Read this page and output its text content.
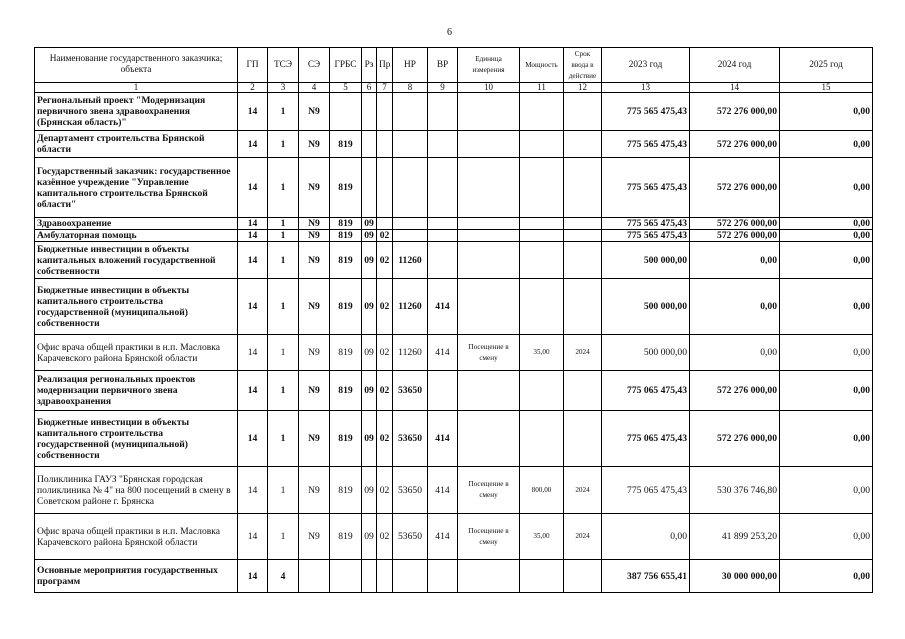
6
Наименование государственного заказчика; объекта	ГП	ТСЭ	СЭ	ГРБС	Рз	Пр	НР	ВР	Единица измерения	Мощность	Срок ввода в действие	2023 год	2024 год	2025 год
1	2	3	4	5	6	7	8	9	10	11	12	13	14	15
Региональный проект "Модернизация первичного звена здравоохранения (Брянская область)"	14	1	N9									775 565 475,43	572 276 000,00	0,00
Департамент строительства Брянской области	14	1	N9	819								775 565 475,43	572 276 000,00	0,00
Государственный заказчик: государственное казённое учреждение "Управление капитального строительства Брянской области"	14	1	N9	819								775 565 475,43	572 276 000,00	0,00
Здравоохранение	14	1	N9	819	09							775 565 475,43	572 276 000,00	0,00
Амбулаторная помощь	14	1	N9	819	09	02						775 565 475,43	572 276 000,00	0,00
Бюджетные инвестиции в объекты капитальных вложений государственной собственности	14	1	N9	819	09	02	11260					500 000,00	0,00	0,00
Бюджетные инвестиции в объекты капитального строительства государственной (муниципальной) собственности	14	1	N9	819	09	02	11260	414				500 000,00	0,00	0,00
Офис врача общей практики в н.п. Масловка Карачевского района Брянской области	14	1	N9	819	09	02	11260	414	Посещение в смену	35,00	2024	500 000,00	0,00	0,00
Реализация региональных проектов модернизации первичного звена здравоохранения	14	1	N9	819	09	02	53650					775 065 475,43	572 276 000,00	0,00
Бюджетные инвестиции в объекты капитального строительства государственной (муниципальной) собственности	14	1	N9	819	09	02	53650	414				775 065 475,43	572 276 000,00	0,00
Поликлиника ГАУЗ "Брянская городская поликлиника № 4" на 800 посещений в смену в Советском районе г. Брянска	14	1	N9	819	09	02	53650	414	Посещение в смену	800,00	2024	775 065 475,43	530 376 746,80	0,00
Офис врача общей практики в н.п. Масловка Карачевского района Брянской области	14	1	N9	819	09	02	53650	414	Посещение в смену	35,00	2024	0,00	41 899 253,20	0,00
Основные мероприятия государственных программ	14	4										387 756 655,41	30 000 000,00	0,00
